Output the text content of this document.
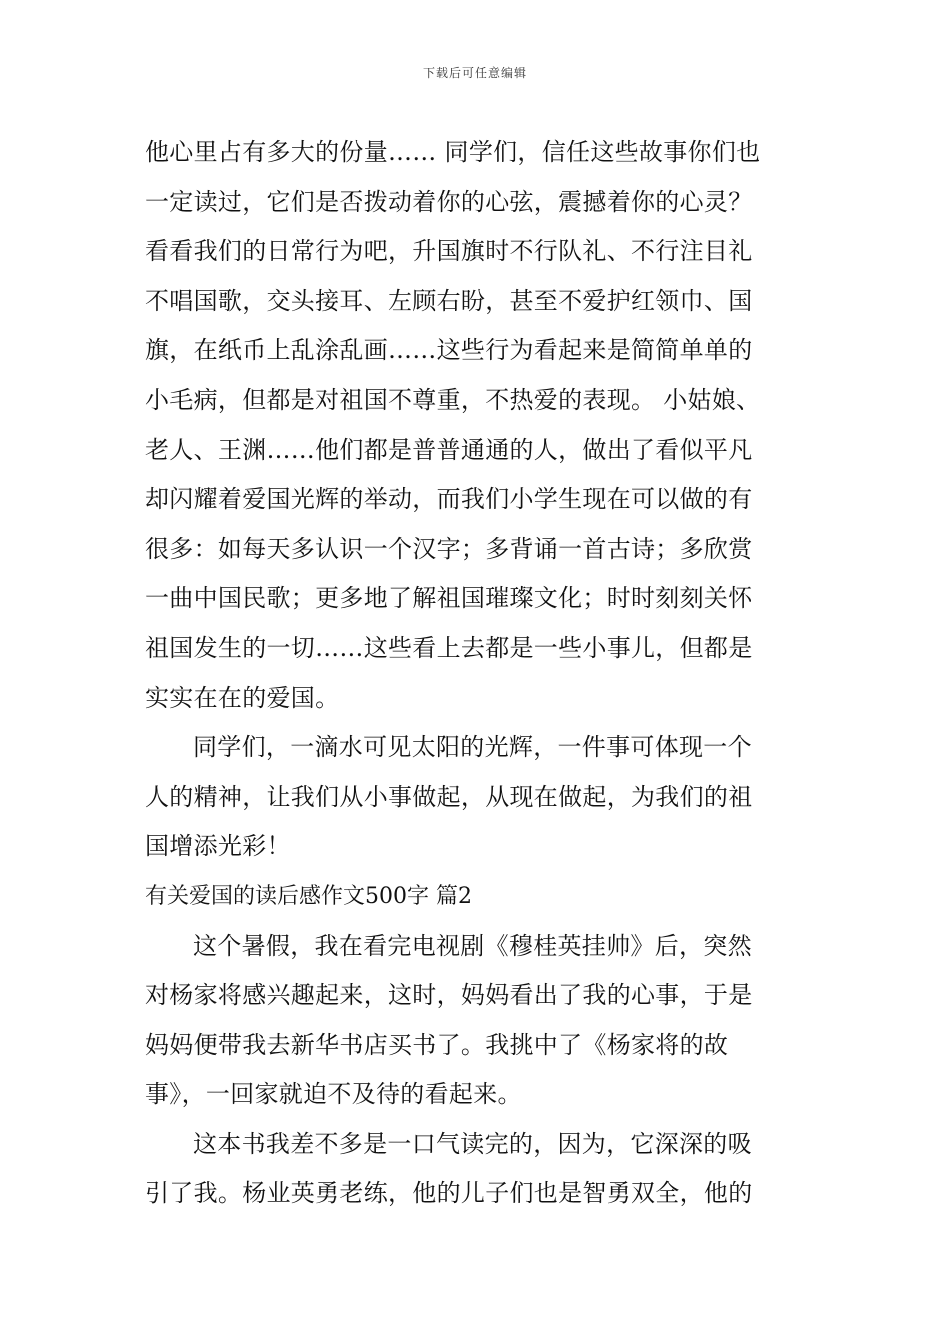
下载后可任意编辑
他心里占有多大的份量…… 同学们，信任这些故事你们也
一定读过，它们是否拨动着你的心弦，震撼着你的心灵？
看看我们的日常行为吧，升国旗时不行队礼、不行注目礼
不唱国歌，交头接耳、左顾右盼，甚至不爱护红领巾、国
旗，在纸币上乱涂乱画……这些行为看起来是简简单单的
小毛病，但都是对祖国不尊重，不热爱的表现。 小姑娘、
老人、王渊……他们都是普普通通的人，做出了看似平凡
却闪耀着爱国光辉的举动，而我们小学生现在可以做的有
很多：如每天多认识一个汉字；多背诵一首古诗；多欣赏
一曲中国民歌；更多地了解祖国璀璨文化；时时刻刻关怀
祖国发生的一切……这些看上去都是一些小事儿，但都是
实实在在的爱国。
同学们，一滴水可见太阳的光辉，一件事可体现一个
人的精神，让我们从小事做起，从现在做起，为我们的祖
国增添光彩！
有关爱国的读后感作文500字 篇2
这个暑假，我在看完电视剧《穆桂英挂帅》后，突然
对杨家将感兴趣起来，这时，妈妈看出了我的心事，于是
妈妈便带我去新华书店买书了。我挑中了《杨家将的故
事》，一回家就迫不及待的看起来。
这本书我差不多是一口气读完的，因为，它深深的吸
引了我。杨业英勇老练，他的儿子们也是智勇双全，他的
